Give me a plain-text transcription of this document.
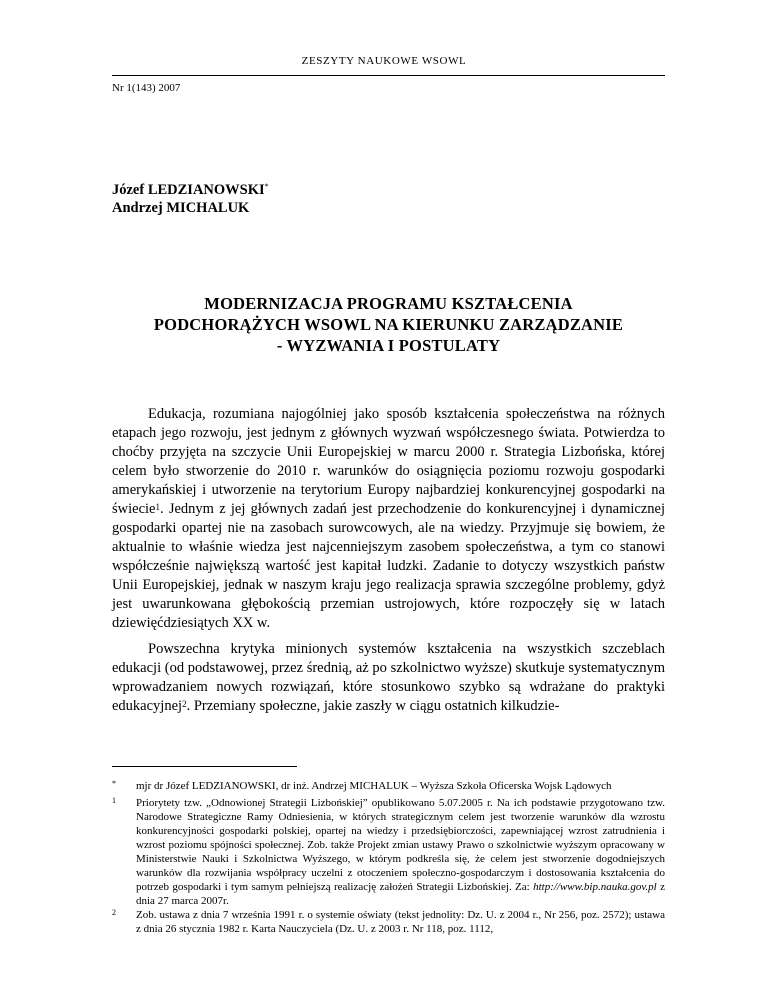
ZESZYTY NAUKOWE WSOWL
Nr 1(143) 2007
Józef LEDZIANOWSKI*
Andrzej MICHALUK
MODERNIZACJA PROGRAMU KSZTAŁCENIA
PODCHORĄŻYCH WSOWL NA KIERUNKU ZARZĄDZANIE
- WYZWANIA I POSTULATY

Edukacja, rozumiana najogólniej jako sposób kształcenia społeczeństwa na różnych etapach jego rozwoju, jest jednym z głównych wyzwań współczesnego świata. Potwierdza to choćby przyjęta na szczycie Unii Europejskiej w marcu 2000 r. Strategia Lizbońska, której celem było stworzenie do 2010 r. warunków do osiągnięcia poziomu rozwoju gospodarki amerykańskiej i utworzenie na terytorium Europy najbardziej konkurencyjnej gospodarki na świecie$^1$. Jednym z jej głównych zadań jest przechodzenie do konkurencyjnej i dynamicznej gospodarki opartej nie na zasobach surowcowych, ale na wiedzy. Przyjmuje się bowiem, że aktualnie to właśnie wiedza jest najcenniejszym zasobem społeczeństwa, a tym co stanowi współcześnie największą wartość jest kapitał ludzki. Zadanie to dotyczy wszystkich państw Unii Europejskiej, jednak w naszym kraju jego realizacja sprawia szczególne problemy, gdyż jest uwarunkowana głębokością przemian ustrojowych, które rozpoczęły się w latach dziewięćdziesiątych XX w.

Powszechna krytyka minionych systemów kształcenia na wszystkich szczeblach edukacji (od podstawowej, przez średnią, aż po szkolnictwo wyższe) skutkuje systematycznym wprowadzaniem nowych rozwiązań, które stosunkowo szybko są wdrażane do praktyki edukacyjnej$^2$. Przemiany społeczne, jakie zaszły w ciągu ostatnich kilkudzie-

* mjr dr Józef LEDZIANOWSKI, dr inż. Andrzej MICHALUK – Wyższa Szkoła Oficerska Wojsk Lądowych

1 Priorytety tzw. „Odnowionej Strategii Lizbońskiej” opublikowano 5.07.2005 r. Na ich podstawie przygotowano tzw. Narodowe Strategiczne Ramy Odniesienia, w których strategicznym celem jest tworzenie warunków dla wzrostu konkurencyjności gospodarki polskiej, opartej na wiedzy i przedsiębiorczości, zapewniającej wzrost zatrudnienia i wzrost poziomu spójności społecznej. Zob. także Projekt zmian ustawy Prawo o szkolnictwie wyższym opracowany w Ministerstwie Nauki i Szkolnictwa Wyższego, w którym podkreśla się, że celem jest stworzenie dogodniejszych warunków dla rozwijania współpracy uczelni z otoczeniem społeczno-gospodarczym i dostosowania kształcenia do potrzeb gospodarki i tym samym pełniejszą realizację założeń Strategii Lizbońskiej. Za: http://www.bip.nauka.gov.pl z dnia 27 marca 2007r.

2 Zob. ustawa z dnia 7 września 1991 r. o systemie oświaty (tekst jednolity: Dz. U. z 2004 r., Nr 256, poz. 2572); ustawa z dnia 26 stycznia 1982 r. Karta Nauczyciela (Dz. U. z 2003 r. Nr 118, poz. 1112,
